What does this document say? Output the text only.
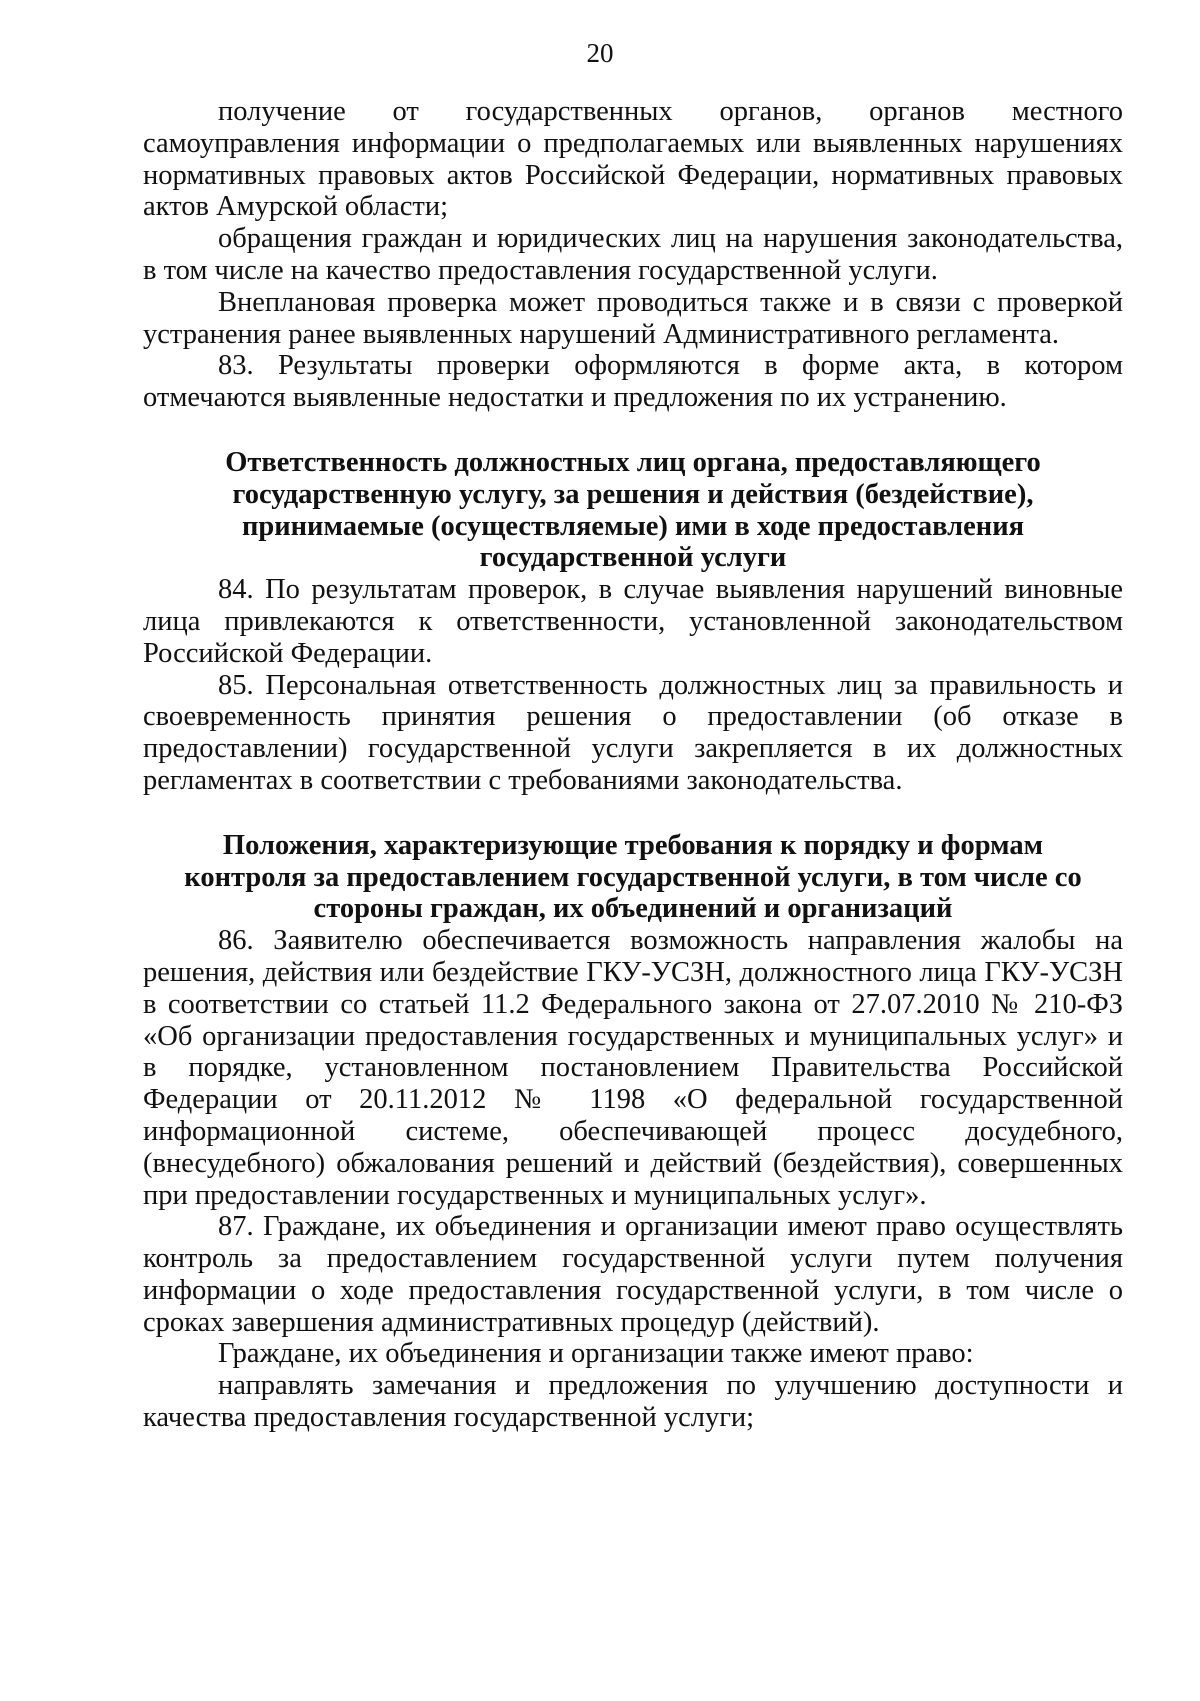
20

получение от государственных органов, органов местного самоуправления информации о предполагаемых или выявленных нарушениях нормативных правовых актов Российской Федерации, нормативных правовых актов Амурской области;

обращения граждан и юридических лиц на нарушения законодательства, в том числе на качество предоставления государственной услуги.

Внеплановая проверка может проводиться также и в связи с проверкой устранения ранее выявленных нарушений Административного регламента.

83. Результаты проверки оформляются в форме акта, в котором отмечаются выявленные недостатки и предложения по их устранению.

Ответственность должностных лиц органа, предоставляющего
государственную услугу, за решения и действия (бездействие),
принимаемые (осуществляемые) ими в ходе предоставления
государственной услуги

84. По результатам проверок, в случае выявления нарушений виновные лица привлекаются к ответственности, установленной законодательством Российской Федерации.

85. Персональная ответственность должностных лиц за правильность и своевременность принятия решения о предоставлении (об отказе в предоставлении) государственной услуги закрепляется в их должностных регламентах в соответствии с требованиями законодательства.

Положения, характеризующие требования к порядку и формам
контроля за предоставлением государственной услуги, в том числе со
стороны граждан, их объединений и организаций

86. Заявителю обеспечивается возможность направления жалобы на решения, действия или бездействие ГКУ-УСЗН, должностного лица ГКУ-УСЗН в соответствии со статьей 11.2 Федерального закона от 27.07.2010 № 210-ФЗ «Об организации предоставления государственных и муниципальных услуг» и в порядке, установленном постановлением Правительства Российской Федерации от 20.11.2012 № 1198 «О федеральной государственной информационной системе, обеспечивающей процесс досудебного, (внесудебного) обжалования решений и действий (бездействия), совершенных при предоставлении государственных и муниципальных услуг».

87. Граждане, их объединения и организации имеют право осуществлять контроль за предоставлением государственной услуги путем получения информации о ходе предоставления государственной услуги, в том числе о сроках завершения административных процедур (действий).

Граждане, их объединения и организации также имеют право:

направлять замечания и предложения по улучшению доступности и качества предоставления государственной услуги;
